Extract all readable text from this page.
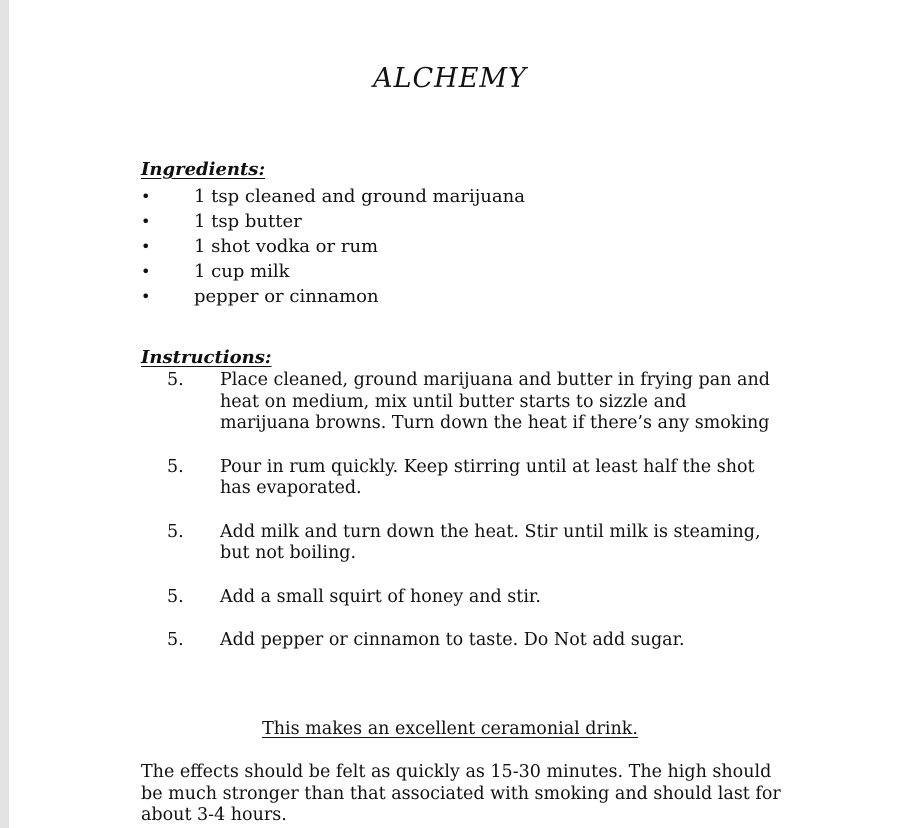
ALCHEMY
Ingredients:
• 1 tsp cleaned and ground marijuana
• 1 tsp butter
• 1 shot vodka or rum
• 1 cup milk
• pepper or cinnamon
Instructions:
5. Place cleaned, ground marijuana and butter in frying pan and heat on medium, mix until butter starts to sizzle and marijuana browns. Turn down the heat if there’s any smoking
5. Pour in rum quickly. Keep stirring until at least half the shot has evaporated.
5. Add milk and turn down the heat. Stir until milk is steaming, but not boiling.
5. Add a small squirt of honey and stir.
5. Add pepper or cinnamon to taste. Do Not add sugar.
This makes an excellent ceramonial drink.
The effects should be felt as quickly as 15-30 minutes. The high should be much stronger than that associated with smoking and should last for about 3-4 hours.
